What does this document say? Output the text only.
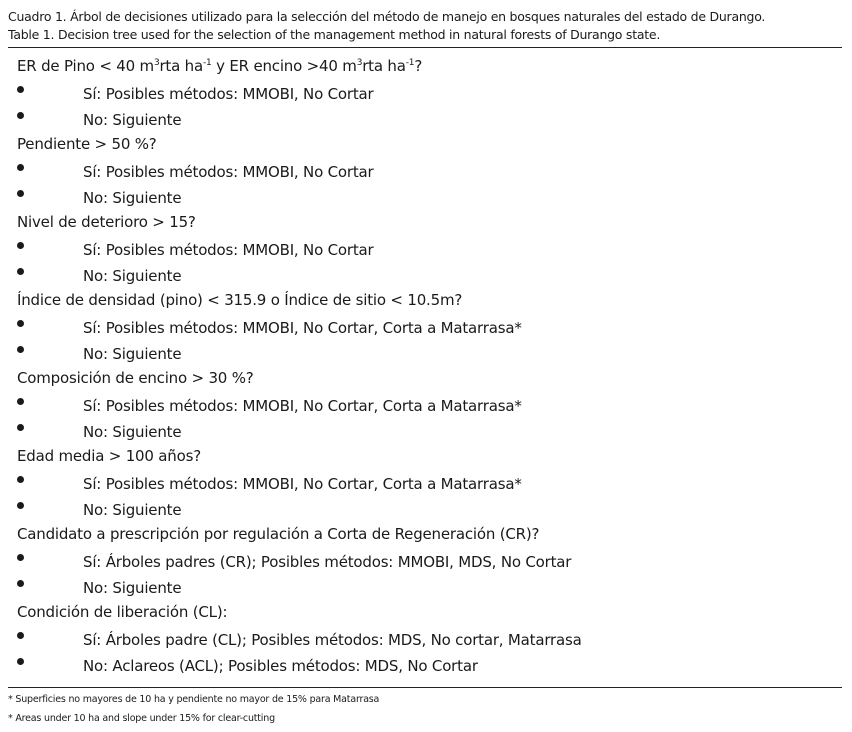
Cuadro 1. Árbol de decisiones utilizado para la selección del método de manejo en bosques naturales del estado de Durango.
Table 1. Decision tree used for the selection of the management method in natural forests of Durango state.
ER de Pino < 40 $m^3rta$ $ha^{-1}$ y ER encino >40 $m^3rta$ $ha^{-1}$?
Sí: Posibles métodos: MMOBI, No Cortar
No: Siguiente
Pendiente > 50 %?
Sí: Posibles métodos: MMOBI, No Cortar
No: Siguiente
Nivel de deterioro > 15?
Sí: Posibles métodos: MMOBI, No Cortar
No: Siguiente
Índice de densidad (pino) < 315.9 o Índice de sitio < 10.5m?
Sí: Posibles métodos: MMOBI, No Cortar, Corta a Matarrasa*
No: Siguiente
Composición de encino > 30 %?
Sí: Posibles métodos: MMOBI, No Cortar, Corta a Matarrasa*
No: Siguiente
Edad media > 100 años?
Sí: Posibles métodos: MMOBI, No Cortar, Corta a Matarrasa*
No: Siguiente
Candidato a prescripción por regulación a Corta de Regeneración (CR)?
Sí: Árboles padres (CR); Posibles métodos: MMOBI, MDS, No Cortar
No: Siguiente
Condición de liberación (CL):
Sí: Árboles padre (CL); Posibles métodos: MDS, No cortar, Matarrasa
No: Aclareos (ACL); Posibles métodos: MDS, No Cortar
* Superficies no mayores de 10 ha y pendiente no mayor de 15% para Matarrasa
* Areas under 10 ha and slope under 15% for clear-cutting
